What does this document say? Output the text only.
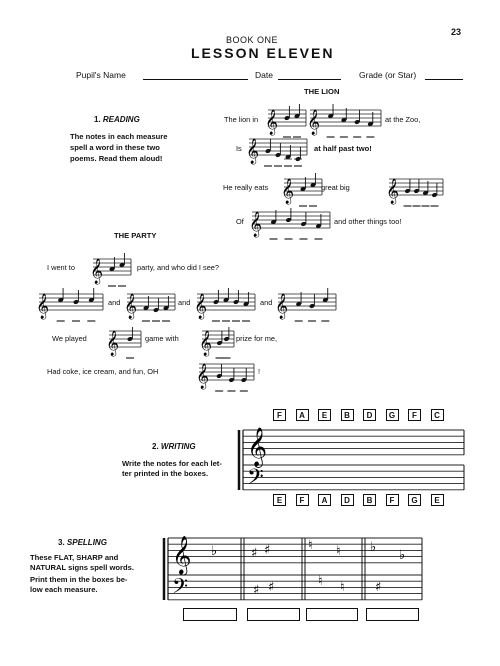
23
BOOK ONE
LESSON ELEVEN
Pupil's Name	Date	Grade (or Star)
1. READING
The notes in each measure
spell a word in these two
poems. Read them aloud!
THE LION
The lion in	at the Zoo,
Is	at half past two!
He really eats	great big
Of	and other things too!
THE PARTY
I went to	party, and who did I see?
and	and	and
We played	game with	prize for me,
Had coke, ice cream, and fun, OH	!
𝄞 𝄞
𝄞
𝄞	𝄞
𝄞
𝄞
𝄞	𝄞	𝄞	𝄞
𝄞	𝄞
𝄞
2. WRITING
Write the notes for each let-
ter printed in the boxes.
F	A	E	B	D	G	F	C
E	F	A	D	B	F	G	E
𝄞
𝄢
3. SPELLING
These FLAT, SHARP and
NATURAL signs spell words.
Print them in the boxes be-
low each measure.
𝄞
𝄢
♭	♯ ♯
♯ ♯
♮ ♮
♮ ♮
♭
♭
♯
